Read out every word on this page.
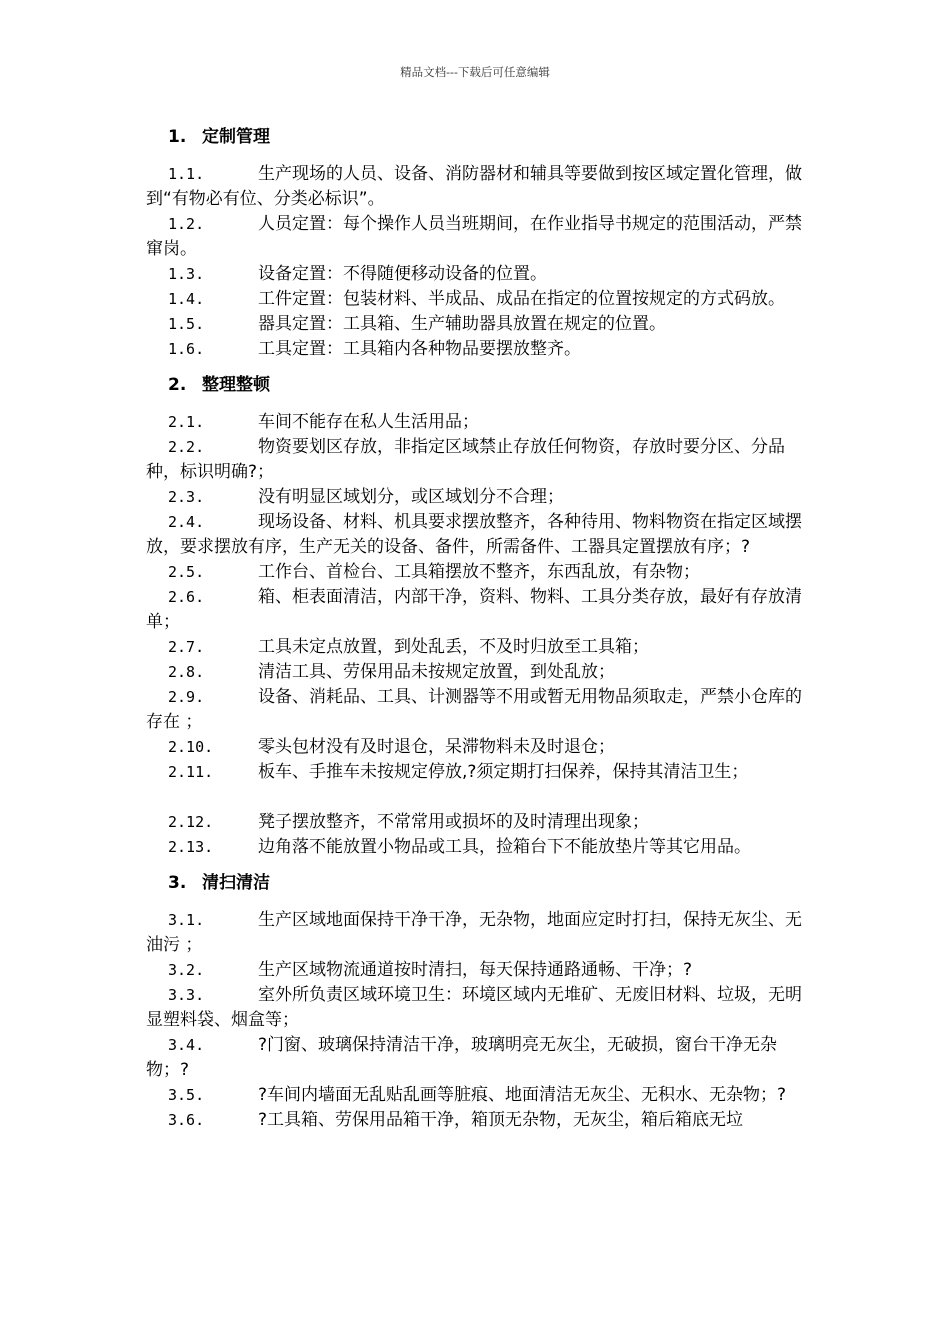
精品文档---下载后可任意编辑
1. 定制管理
1.1.	生产现场的人员、设备、消防器材和辅具等要做到按区域定置化管理，做到“有物必有位、分类必标识”。
1.2.	人员定置：每个操作人员当班期间，在作业指导书规定的范围活动，严禁窜岗。
1.3.	设备定置：不得随便移动设备的位置。
1.4.	工件定置：包装材料、半成品、成品在指定的位置按规定的方式码放。
1.5.	器具定置：工具箱、生产辅助器具放置在规定的位置。
1.6.	工具定置：工具箱内各种物品要摆放整齐。
2. 整理整顿
2.1.	车间不能存在私人生活用品；
2.2.	物资要划区存放，非指定区域禁止存放任何物资，存放时要分区、分品种，标识明确?；
2.3.	没有明显区域划分，或区域划分不合理；
2.4.	现场设备、材料、机具要求摆放整齐，各种待用、物料物资在指定区域摆放，要求摆放有序，生产无关的设备、备件，所需备件、工器具定置摆放有序；?
2.5.	工作台、首检台、工具箱摆放不整齐，东西乱放，有杂物；
2.6.	箱、柜表面清洁，内部干净，资料、物料、工具分类存放，最好有存放清单；
2.7.	工具未定点放置，到处乱丢，不及时归放至工具箱；
2.8.	清洁工具、劳保用品未按规定放置，到处乱放；
2.9.	设备、消耗品、工具、计测器等不用或暂无用物品须取走，严禁小仓库的存在 ；
2.10.	零头包材没有及时退仓，呆滞物料未及时退仓；
2.11.	板车、手推车未按规定停放,?须定期打扫保养，保持其清洁卫生；
2.12.	凳子摆放整齐，不常常用或损坏的及时清理出现象；
2.13.	边角落不能放置小物品或工具，捡箱台下不能放垫片等其它用品。
3. 清扫清洁
3.1.	生产区域地面保持干净干净，无杂物，地面应定时打扫，保持无灰尘、无油污 ；
3.2.	生产区域物流通道按时清扫，每天保持通路通畅、干净；?
3.3.	室外所负责区域环境卫生：环境区域内无堆矿、无废旧材料、垃圾，无明显塑料袋、烟盒等；
3.4.	?门窗、玻璃保持清洁干净，玻璃明亮无灰尘，无破损，窗台干净无杂物；?
3.5.	?车间内墙面无乱贴乱画等脏痕、地面清洁无灰尘、无积水、无杂物；?
3.6.	?工具箱、劳保用品箱干净，箱顶无杂物，无灰尘，箱后箱底无垃
